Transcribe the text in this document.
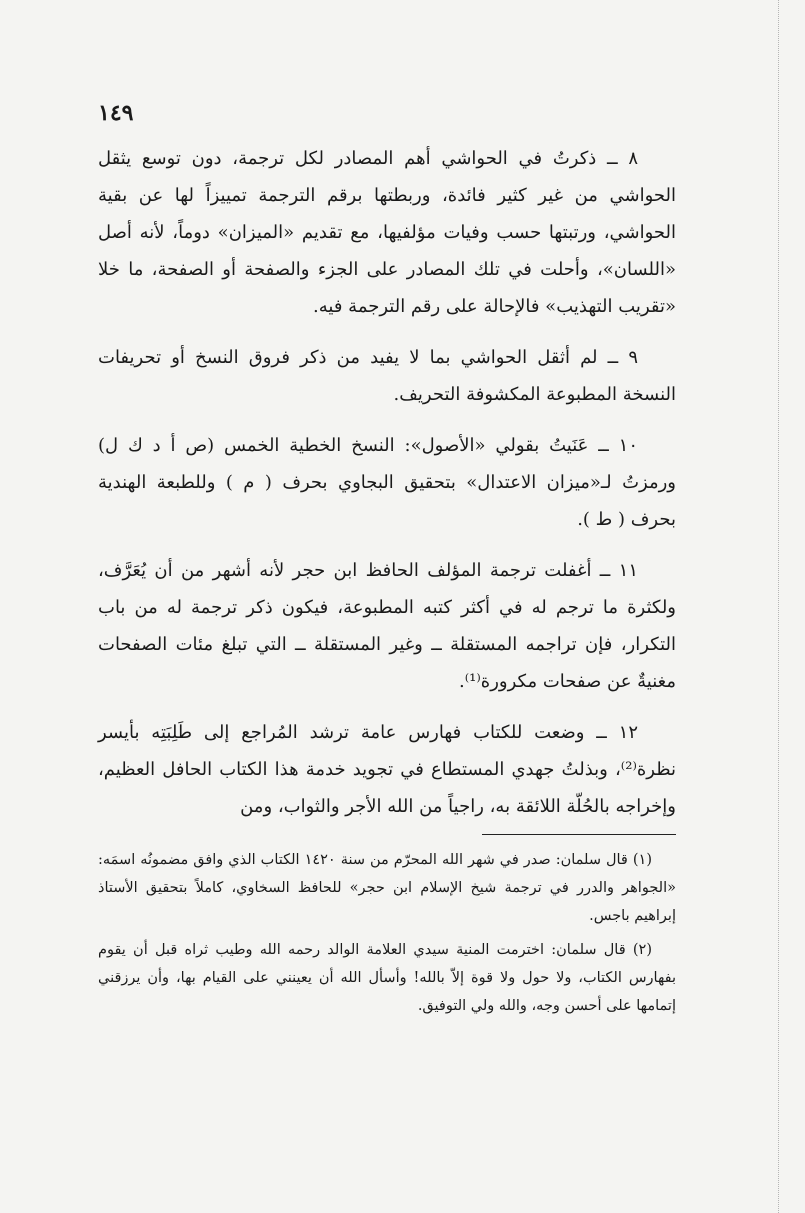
١٤٩

٨ ــ ذكرتُ في الحواشي أهم المصادر لكل ترجمة، دون توسع يثقل الحواشي من غير كثير فائدة، وربطتها برقم الترجمة تمييزاً لها عن بقية الحواشي، ورتبتها حسب وفيات مؤلفيها، مع تقديم «الميزان» دوماً، لأنه أصل «اللسان»، وأحلت في تلك المصادر على الجزء والصفحة أو الصفحة، ما خلا «تقريب التهذيب» فالإحالة على رقم الترجمة فيه.

٩ ــ لم أثقل الحواشي بما لا يفيد من ذكر فروق النسخ أو تحريفات النسخة المطبوعة المكشوفة التحريف.

١٠ ــ عَنَيتُ بقولي «الأصول»: النسخ الخطية الخمس (ص أ د ك ل) ورمزتُ لـ«ميزان الاعتدال» بتحقيق البجاوي بحرف ( م ) وللطبعة الهندية بحرف ( ط ).

١١ ــ أغفلت ترجمة المؤلف الحافظ ابن حجر لأنه أشهر من أن يُعَرَّف، ولكثرة ما ترجم له في أكثر كتبه المطبوعة، فيكون ذكر ترجمة له من باب التكرار، فإن تراجمه المستقلة ــ وغير المستقلة ــ التي تبلغ مئات الصفحات مغنيةٌ عن صفحات مكرورة⁽¹⁾.

١٢ ــ وضعت للكتاب فهارس عامة ترشد المُراجع إلى طَلِبَتِه بأيسر نظرة⁽²⁾، وبذلتُ جهدي المستطاع في تجويد خدمة هذا الكتاب الحافل العظيم، وإخراجه بالحُلّة اللائقة به، راجياً من الله الأجر والثواب، ومن

(١) قال سلمان: صدر في شهر الله المحرّم من سنة ١٤٢٠ الكتاب الذي وافق مضمونُه اسمَه: «الجواهر والدرر في ترجمة شيخ الإسلام ابن حجر» للحافظ السخاوي، كاملاً بتحقيق الأستاذ إبراهيم باجس.

(٢) قال سلمان: اخترمت المنية سيدي العلامة الوالد رحمه الله وطيب ثراه قبل أن يقوم بفهارس الكتاب، ولا حول ولا قوة إلاّ بالله! وأسأل الله أن يعينني على القيام بها، وأن يرزقني إتمامها على أحسن وجه، والله ولي التوفيق.
